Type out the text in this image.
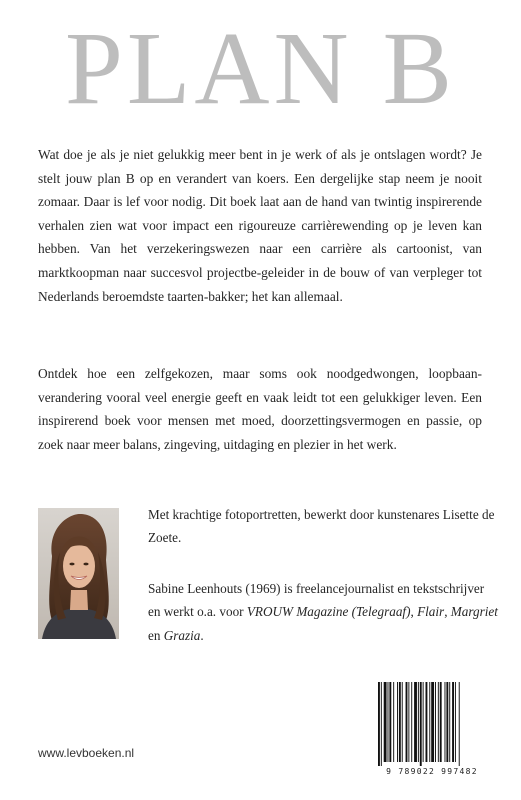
PLAN B

Wat doe je als je niet gelukkig meer bent in je werk of als je ontslagen wordt? Je stelt jouw plan B op en verandert van koers. Een dergelijke stap neem je nooit zomaar. Daar is lef voor nodig. Dit boek laat aan de hand van twintig inspirerende verhalen zien wat voor impact een rigoureuze carrièrewending op je leven kan hebben. Van het verzekeringswezen naar een carrière als cartoonist, van marktkoopman naar succesvol projectbe-geleider in de bouw of van verpleger tot Nederlands beroemdste taarten-bakker; het kan allemaal.

Ontdek hoe een zelfgekozen, maar soms ook noodgedwongen, loopbaan-verandering vooral veel energie geeft en vaak leidt tot een gelukkiger leven. Een inspirerend boek voor mensen met moed, doorzettingsvermogen en passie, op zoek naar meer balans, zingeving, uitdaging en plezier in het werk.

Met krachtige fotoportretten, bewerkt door kunstenares Lisette de Zoete.

Sabine Leenhouts (1969) is freelancejournalist en tekstschrijver en werkt o.a. voor VROUW Magazine (Telegraaf), Flair, Margriet en Grazia.

www.levboeken.nl
9 789022 997482
